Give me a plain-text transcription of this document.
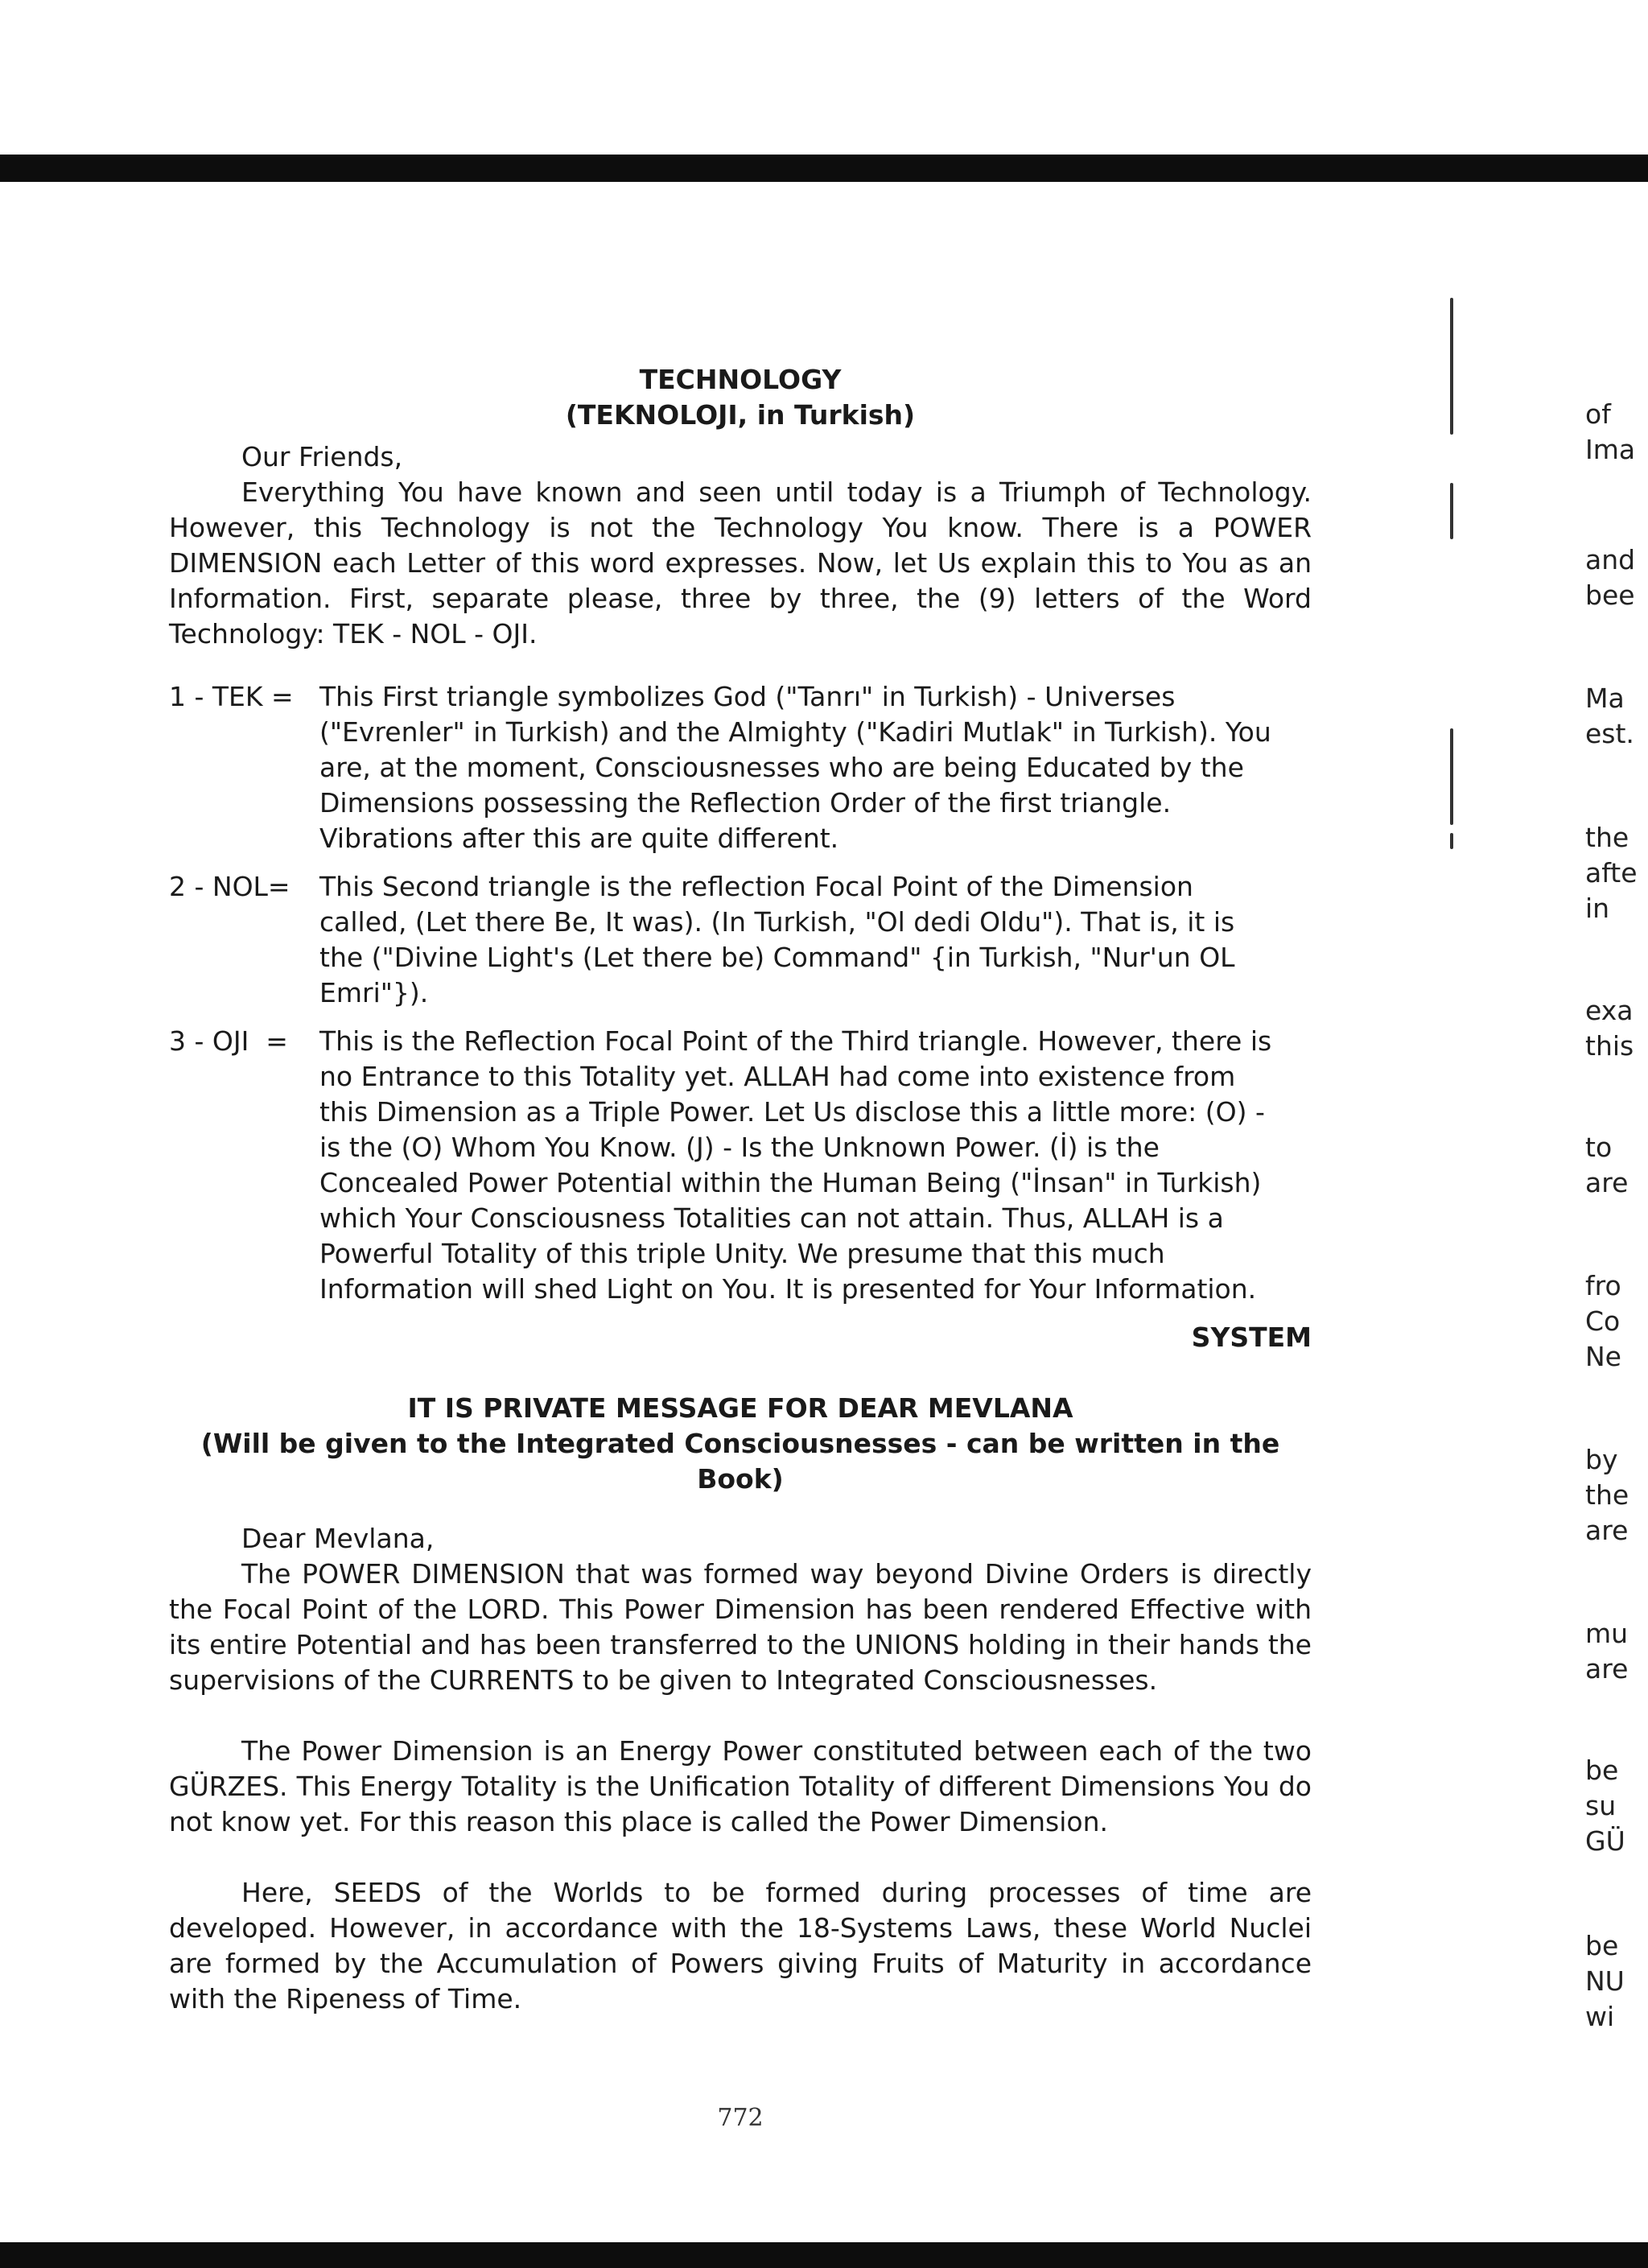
TECHNOLOGY
(TEKNOLOJI, in Turkish)

Our Friends,

Everything You have known and seen until today is a Triumph of Technology. However, this Technology is not the Technology You know. There is a POWER DIMENSION each Letter of this word expresses. Now, let Us explain this to You as an Information. First, separate please, three by three, the (9) letters of the Word Technology: TEK - NOL - OJI.

1 - TEK = This First triangle symbolizes God ("Tanrı" in Turkish) - Universes ("Evrenler" in Turkish) and the Almighty ("Kadiri Mutlak" in Turkish). You are, at the moment, Consciousnesses who are being Educated by the Dimensions possessing the Reflection Order of the first triangle. Vibrations after this are quite different.
2 - NOL=	This Second triangle is the reflection Focal Point of the Dimension called, (Let there Be, It was). (In Turkish, "Ol dedi Oldu"). That is, it is the ("Divine Light's (Let there be) Command" {in Turkish, "Nur'un OL Emri"}).
3 - OJI  =	This is the Reflection Focal Point of the Third triangle. However, there is no Entrance to this Totality yet. ALLAH had come into existence from this Dimension as a Triple Power. Let Us disclose this a little more: (O) - is the (O) Whom You Know. (J) - Is the Unknown Power. (İ) is the Concealed Power Potential within the Human Being ("İnsan" in Turkish) which Your Consciousness Totalities can not attain. Thus, ALLAH is a Powerful Totality of this triple Unity. We presume that this much Information will shed Light on You. It is presented for Your Information.

SYSTEM

IT IS PRIVATE MESSAGE FOR DEAR MEVLANA
(Will be given to the Integrated Consciousnesses - can be written in the Book)

Dear Mevlana,

The POWER DIMENSION that was formed way beyond Divine Orders is directly the Focal Point of the LORD. This Power Dimension has been rendered Effective with its entire Potential and has been transferred to the UNIONS holding in their hands the supervisions of the CURRENTS to be given to Integrated Consciousnesses.

The Power Dimension is an Energy Power constituted between each of the two GÜRZES. This Energy Totality is the Unification Totality of different Dimensions You do not know yet. For this reason this place is called the Power Dimension.

Here, SEEDS of the Worlds to be formed during processes of time are developed. However, in accordance with the 18-Systems Laws, these World Nuclei are formed by the Accumulation of Powers giving Fruits of Maturity in accordance with the Ripeness of Time.

772
of
Ima
and
bee
Ma
est.
the
afte
in
exa
this
to
are
fro
Co
Ne
by
the
are
mu
are
be
su
GÜ
be
NU
wi
